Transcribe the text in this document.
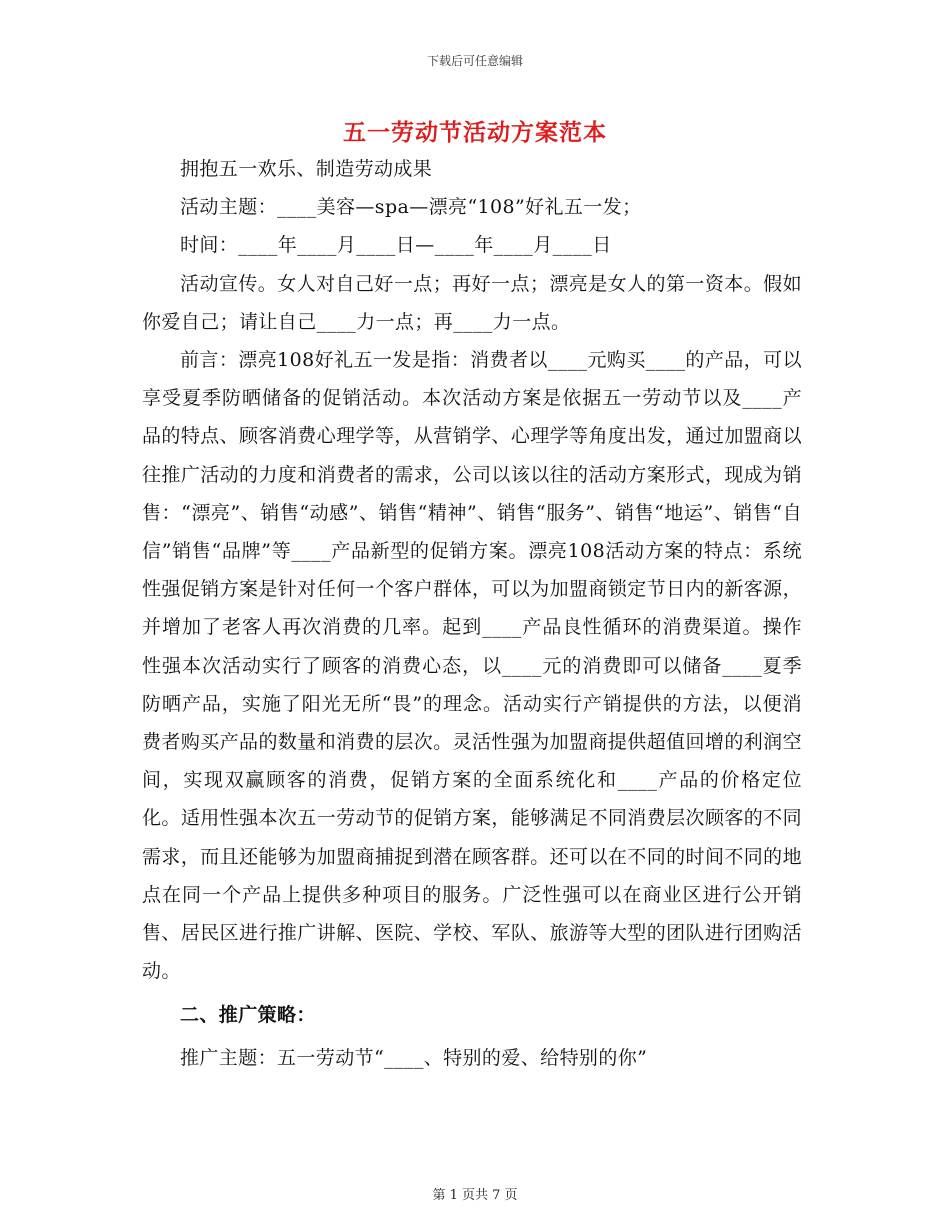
下载后可任意编辑
五一劳动节活动方案范本

拥抱五一欢乐、制造劳动成果

活动主题：____美容—spa—漂亮“108”好礼五一发；

时间：____年____月____日—____年____月____日

活动宣传。女人对自己好一点；再好一点；漂亮是女人的第一资本。假如你爱自己；请让自己____力一点；再____力一点。

前言：漂亮108好礼五一发是指：消费者以____元购买____的产品，可以享受夏季防晒储备的促销活动。本次活动方案是依据五一劳动节以及____产品的特点、顾客消费心理学等，从营销学、心理学等角度出发，通过加盟商以往推广活动的力度和消费者的需求，公司以该以往的活动方案形式，现成为销售：“漂亮”、销售“动感”、销售“精神”、销售“服务”、销售“地运”、销售“自信”销售“品牌”等____产品新型的促销方案。漂亮108活动方案的特点：系统性强促销方案是针对任何一个客户群体，可以为加盟商锁定节日内的新客源，并增加了老客人再次消费的几率。起到____产品良性循环的消费渠道。操作性强本次活动实行了顾客的消费心态，以____元的消费即可以储备____夏季防晒产品，实施了阳光无所“畏”的理念。活动实行产销提供的方法，以便消费者购买产品的数量和消费的层次。灵活性强为加盟商提供超值回增的利润空间，实现双赢顾客的消费，促销方案的全面系统化和____产品的价格定位化。适用性强本次五一劳动节的促销方案，能够满足不同消费层次顾客的不同需求，而且还能够为加盟商捕捉到潜在顾客群。还可以在不同的时间不同的地点在同一个产品上提供多种项目的服务。广泛性强可以在商业区进行公开销售、居民区进行推广讲解、医院、学校、军队、旅游等大型的团队进行团购活动。

二、推广策略：

推广主题：五一劳动节“____、特别的爱、给特别的你”

第 1 页共 7 页
